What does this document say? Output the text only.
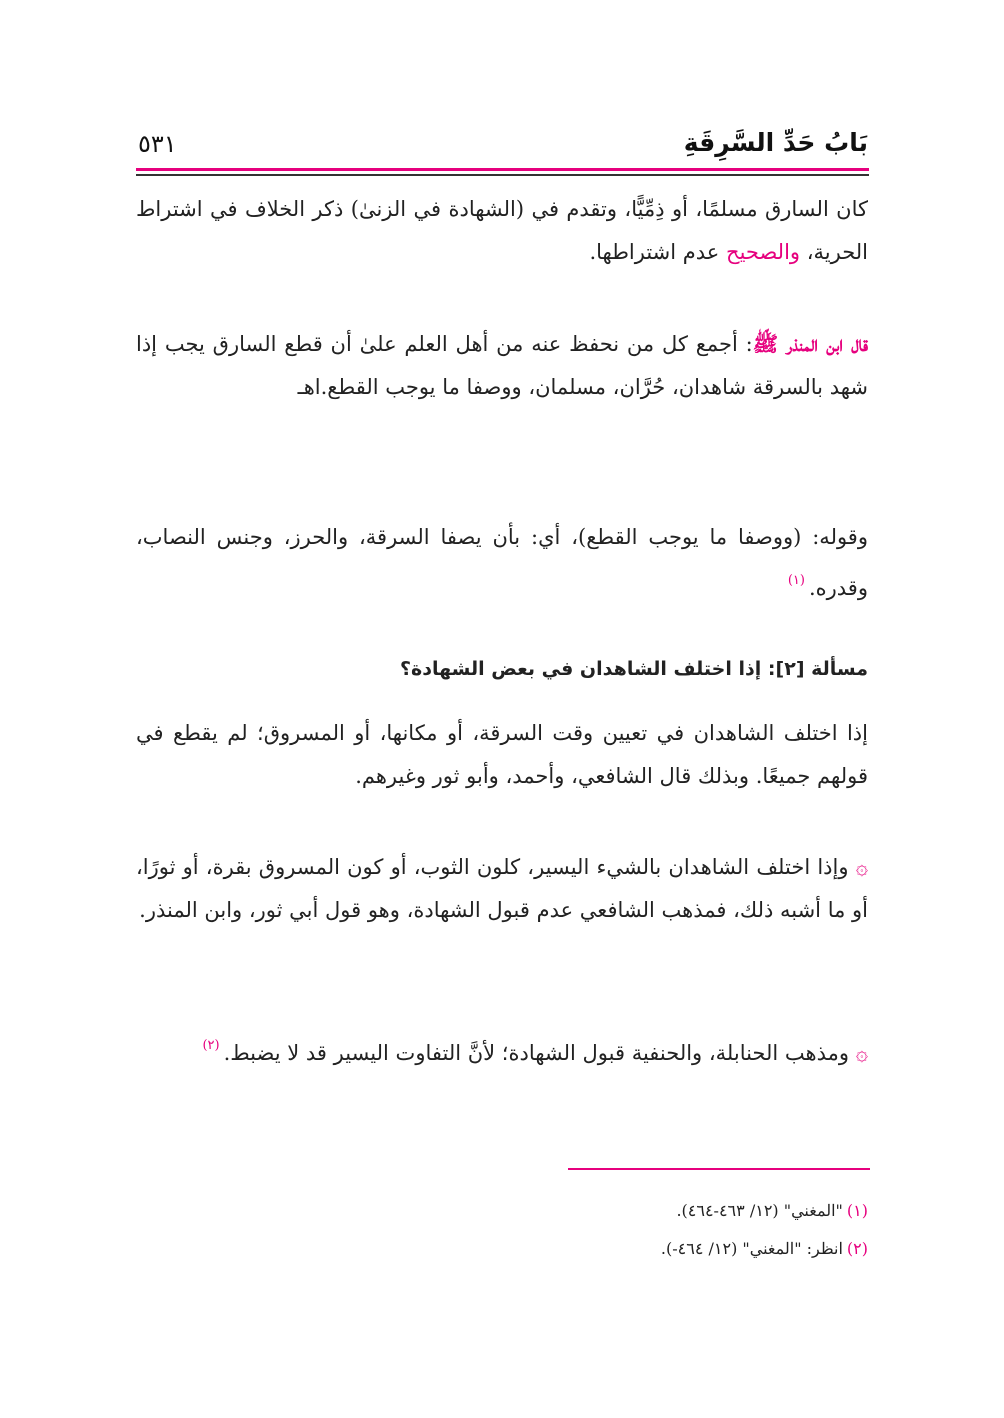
بَابُ حَدِّ السَّرِقَةِ
٥٣١

كان السارق مسلمًا، أو ذِمِّيًّا، وتقدم في (الشهادة في الزنىٰ) ذكر الخلاف في اشتراط الحرية، والصحيح عدم اشتراطها.

قال ابن المنذر ﷺ: أجمع كل من نحفظ عنه من أهل العلم علىٰ أن قطع السارق يجب إذا شهد بالسرقة شاهدان، حُرَّان، مسلمان، ووصفا ما يوجب القطع.اهـ

وقوله: (ووصفا ما يوجب القطع)، أي: بأن يصفا السرقة، والحرز، وجنس النصاب، وقدره.$^{(١)}$

مسألة [٢]: إذا اختلف الشاهدان في بعض الشهادة؟

إذا اختلف الشاهدان في تعيين وقت السرقة، أو مكانها، أو المسروق؛ لم يقطع في قولهم جميعًا. وبذلك قال الشافعي، وأحمد، وأبو ثور وغيرهم.

۞ وإذا اختلف الشاهدان بالشيء اليسير، كلون الثوب، أو كون المسروق بقرة، أو ثورًا، أو ما أشبه ذلك، فمذهب الشافعي عدم قبول الشهادة، وهو قول أبي ثور، وابن المنذر.

۞ ومذهب الحنابلة، والحنفية قبول الشهادة؛ لأنَّ التفاوت اليسير قد لا يضبط.$^{(٢)}$

(١)"المغني" (١٢/ ٤٦٣-٤٦٤).
(٢)انظر: "المغني" (١٢/ ٤٦٤-).
